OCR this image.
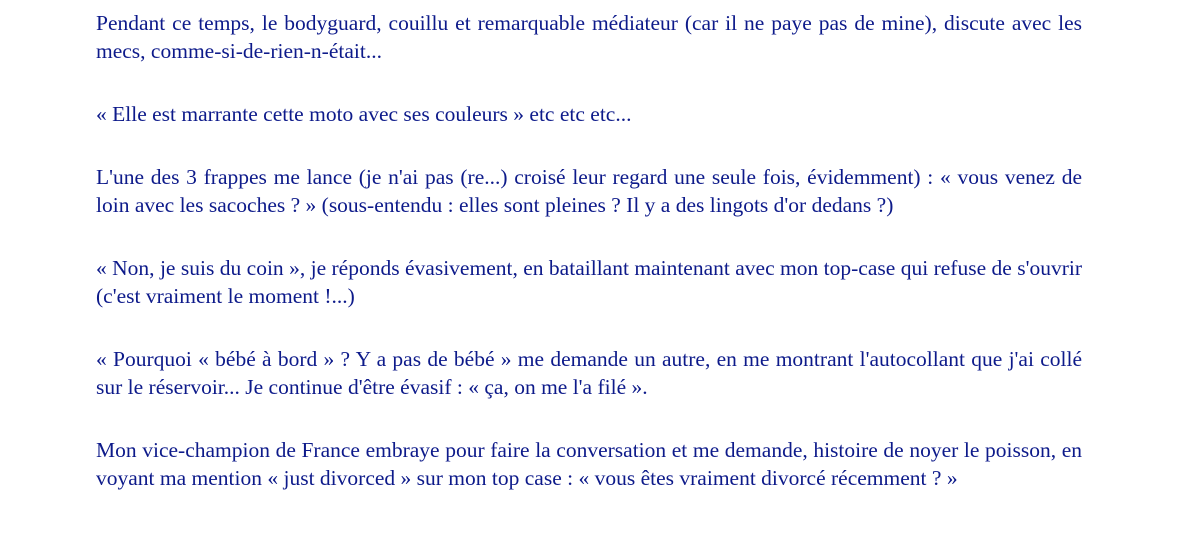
Pendant ce temps, le bodyguard, couillu et remarquable médiateur (car il ne paye pas de mine), discute avec les mecs, comme-si-de-rien-n-était...

« Elle est marrante cette moto avec ses couleurs » etc etc etc...

L'une des 3 frappes me lance (je n'ai pas (re...) croisé leur regard une seule fois, évidemment) : « vous venez de loin avec les sacoches ? » (sous-entendu : elles sont pleines ? Il y a des lingots d'or dedans ?)

« Non, je suis du coin », je réponds évasivement, en bataillant maintenant avec mon top-case qui refuse de s'ouvrir (c'est vraiment le moment !...)

« Pourquoi « bébé à bord » ? Y a pas de bébé » me demande un autre, en me montrant l'autocollant que j'ai collé sur le réservoir... Je continue d'être évasif : « ça, on me l'a filé ».

Mon vice-champion de France embraye pour faire la conversation et me demande, histoire de noyer le poisson, en voyant ma mention « just divorced » sur mon top case : « vous êtes vraiment divorcé récemment ? »
